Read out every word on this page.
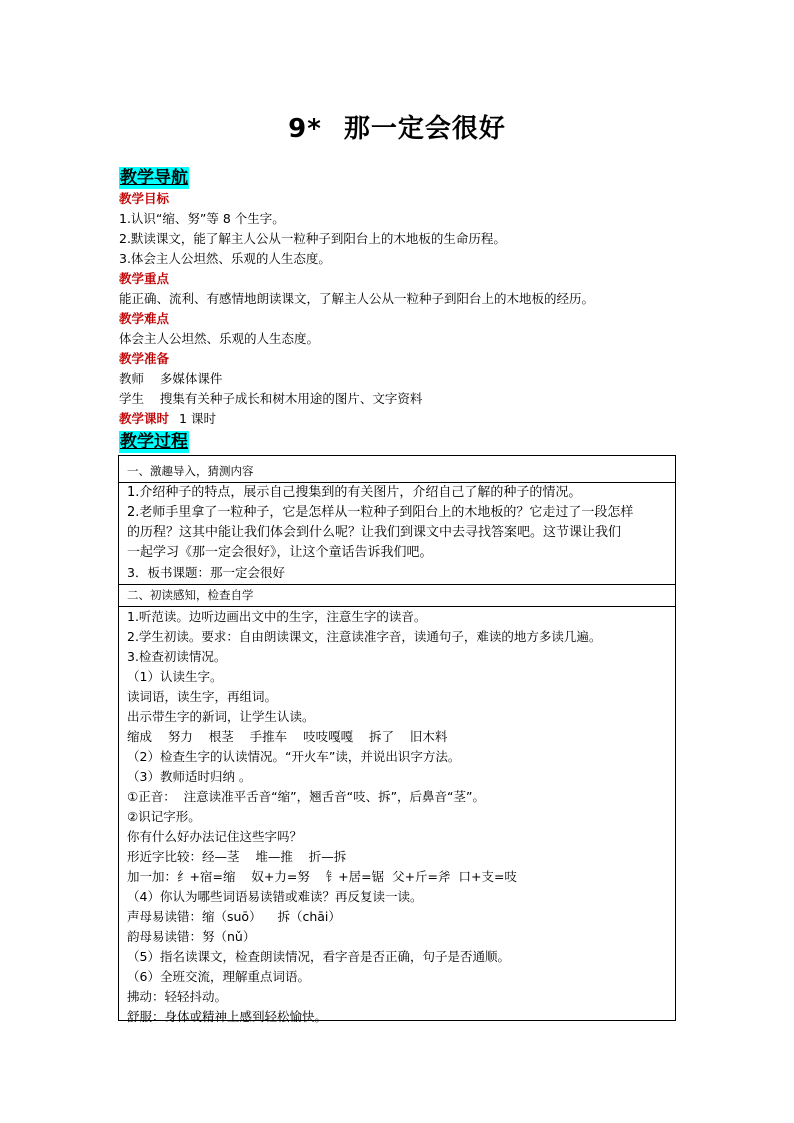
9* 那一定会很好
教学导航
教学目标
1.认识“缩、努”等 8 个生字。
2.默读课文，能了解主人公从一粒种子到阳台上的木地板的生命历程。
3.体会主人公坦然、乐观的人生态度。
教学重点
能正确、流利、有感情地朗读课文，了解主人公从一粒种子到阳台上的木地板的经历。
教学难点
体会主人公坦然、乐观的人生态度。
教学准备
教师    多媒体课件
学生    搜集有关种子成长和树木用途的图片、文字资料
教学课时 1 课时
教学过程
一、激趣导入，猜测内容
1.介绍种子的特点，展示自己搜集到的有关图片，介绍自己了解的种子的情况。
2.老师手里拿了一粒种子，它是怎样从一粒种子到阳台上的木地板的？它走过了一段怎样
的历程？这其中能让我们体会到什么呢？让我们到课文中去寻找答案吧。这节课让我们
一起学习《那一定会很好》，让这个童话告诉我们吧。
3．板书课题：那一定会很好
二、初读感知，检查自学
1.听范读。边听边画出文中的生字，注意生字的读音。
2.学生初读。要求：自由朗读课文，注意读准字音，读通句子，难读的地方多读几遍。
3.检查初读情况。
（1）认读生字。
读词语，读生字，再组词。
出示带生字的新词，让学生认读。
缩成    努力    根茎    手推车    吱吱嘎嘎    拆了    旧木料
（2）检查生字的认读情况。“开火车”读，并说出识字方法。
（3）教师适时归纳 。
①正音：  注意读准平舌音“缩”，翘舌音“吱、拆”，后鼻音“茎”。
②识记字形。
你有什么好办法记住这些字吗？
形近字比较：经—茎    堆—推    折—拆
加一加：纟+宿=缩    奴+力=努    钅+居=锯  父+斤=斧  口+支=吱
（4）你认为哪些词语易读错或难读？再反复读一读。
声母易读错：缩（suō）    拆（chāi）
韵母易读错：努（nǔ）
（5）指名读课文，检查朗读情况，看字音是否正确，句子是否通顺。
（6）全班交流，理解重点词语。
拂动：轻轻抖动。
舒服：身体或精神上感到轻松愉快。
